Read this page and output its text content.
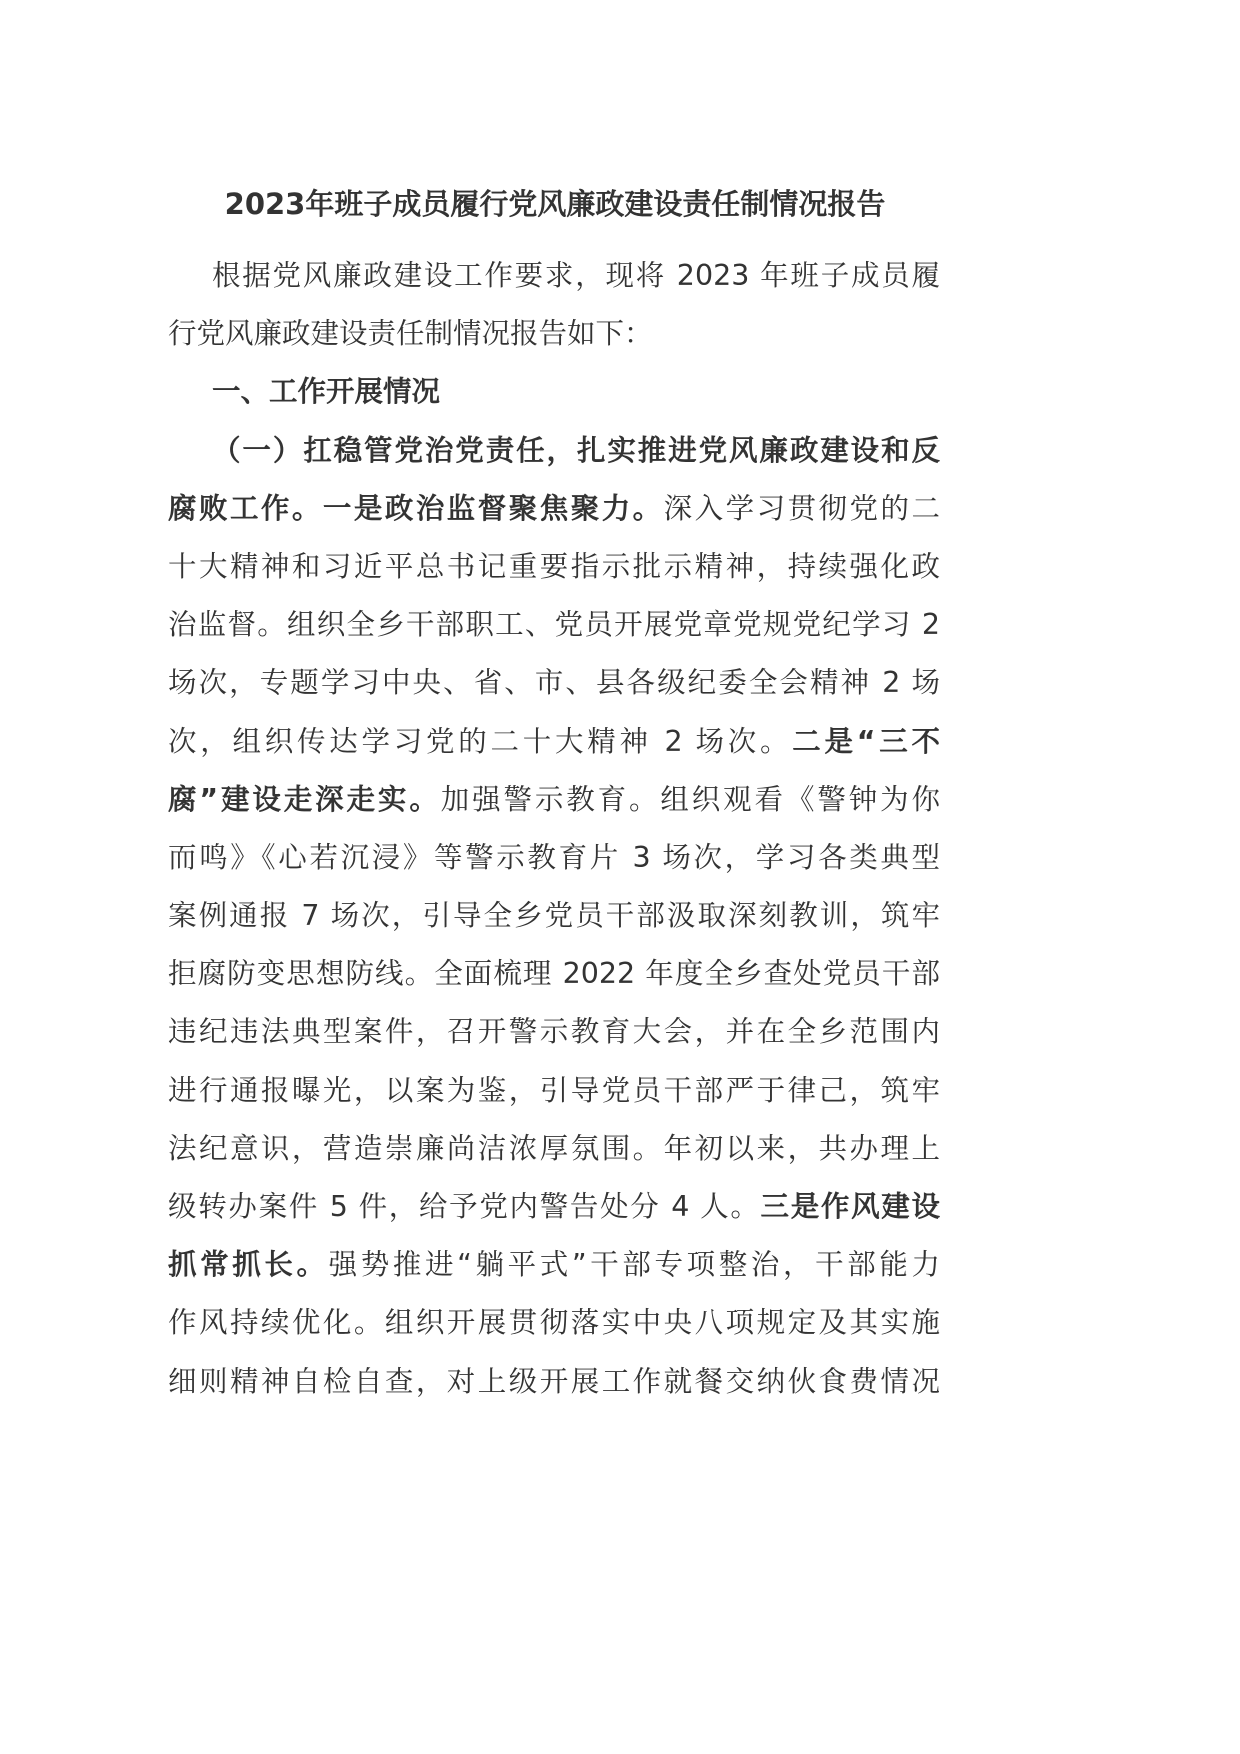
2023年班子成员履行党风廉政建设责任制情况报告
根据党风廉政建设工作要求，现将 2023 年班子成员履
行党风廉政建设责任制情况报告如下：
一、工作开展情况
（一）扛稳管党治党责任，扎实推进党风廉政建设和反
腐败工作。一是政治监督聚焦聚力。深入学习贯彻党的二
十大精神和习近平总书记重要指示批示精神，持续强化政
治监督。组织全乡干部职工、党员开展党章党规党纪学习 2
场次，专题学习中央、省、市、县各级纪委全会精神 2 场
次，组织传达学习党的二十大精神 2 场次。二是“三不
腐”建设走深走实。加强警示教育。组织观看《警钟为你
而鸣》《心若沉浸》等警示教育片 3 场次，学习各类典型
案例通报 7 场次，引导全乡党员干部汲取深刻教训，筑牢
拒腐防变思想防线。全面梳理 2022 年度全乡查处党员干部
违纪违法典型案件，召开警示教育大会，并在全乡范围内
进行通报曝光，以案为鉴，引导党员干部严于律己，筑牢
法纪意识，营造崇廉尚洁浓厚氛围。年初以来，共办理上
级转办案件 5 件，给予党内警告处分 4 人。三是作风建设
抓常抓长。强势推进“躺平式”干部专项整治，干部能力
作风持续优化。组织开展贯彻落实中央八项规定及其实施
细则精神自检自查，对上级开展工作就餐交纳伙食费情况
